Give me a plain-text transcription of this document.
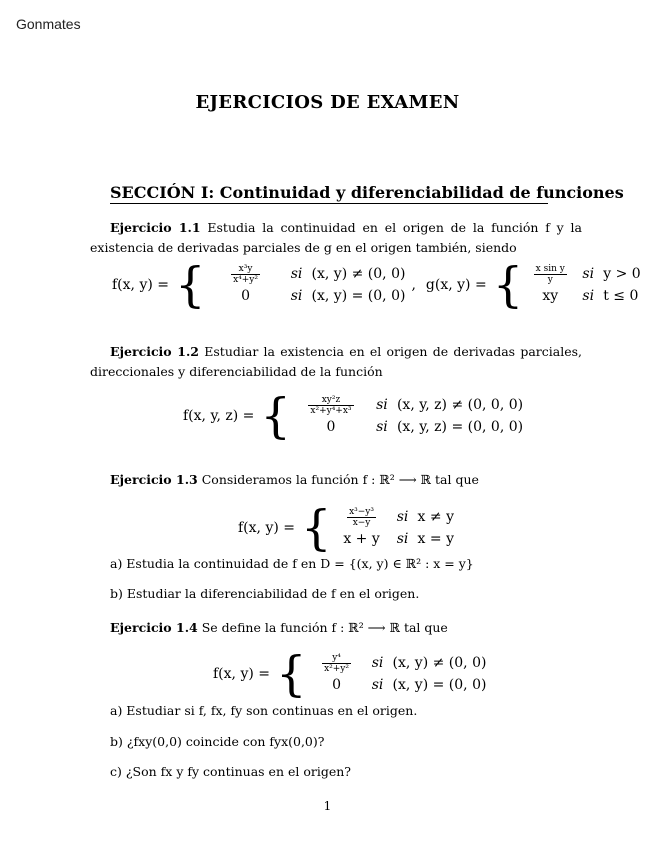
Gonmates
EJERCICIOS DE EXAMEN
SECCIÓN I: Continuidad y diferenciabilidad de funciones
Ejercicio 1.1 Estudia la continuidad en el origen de la función f y la existencia de derivadas parciales de g en el origen también, siendo
f(x, y) = {	$\frac{\text{x³y}}{\text{x⁴+y²}}$	si (x, y) ≠ (0, 0)
0	si (x, y) = (0, 0)
, g(x, y) = { $\frac{\text{x sin y}}{y}$	si y > 0
xy	si t ≤ 0
Ejercicio 1.2 Estudiar la existencia en el origen de derivadas parciales, direccionales y diferenciabilidad de la función
f(x, y, z) = { $\frac{\text{xy²z}}{\text{x²+y⁴+x³}}$	si (x, y, z) ≠ (0, 0, 0)
0	si (x, y, z) = (0, 0, 0)
Ejercicio 1.3 Consideramos la función f : ℝ² ⟶ ℝ tal que
f(x, y) = { $\frac{\text{x³−y³}}{x-y}$	si x ≠ y
x + y	si x = y
a) Estudia la continuidad de f en D = {(x, y) ∈ ℝ² : x = y}
b) Estudiar la diferenciabilidad de f en el origen.
Ejercicio 1.4 Se define la función f : ℝ² ⟶ ℝ tal que
f(x, y) = { $\frac{\text{y⁴}}{\text{x²+y²}}$	si (x, y) ≠ (0, 0)
0	si (x, y) = (0, 0)
a) Estudiar si f, fx, fy son continuas en el origen.
b) ¿fxy(0,0) coincide con fyx(0,0)?
c) ¿Son fx y fy continuas en el origen?
1
